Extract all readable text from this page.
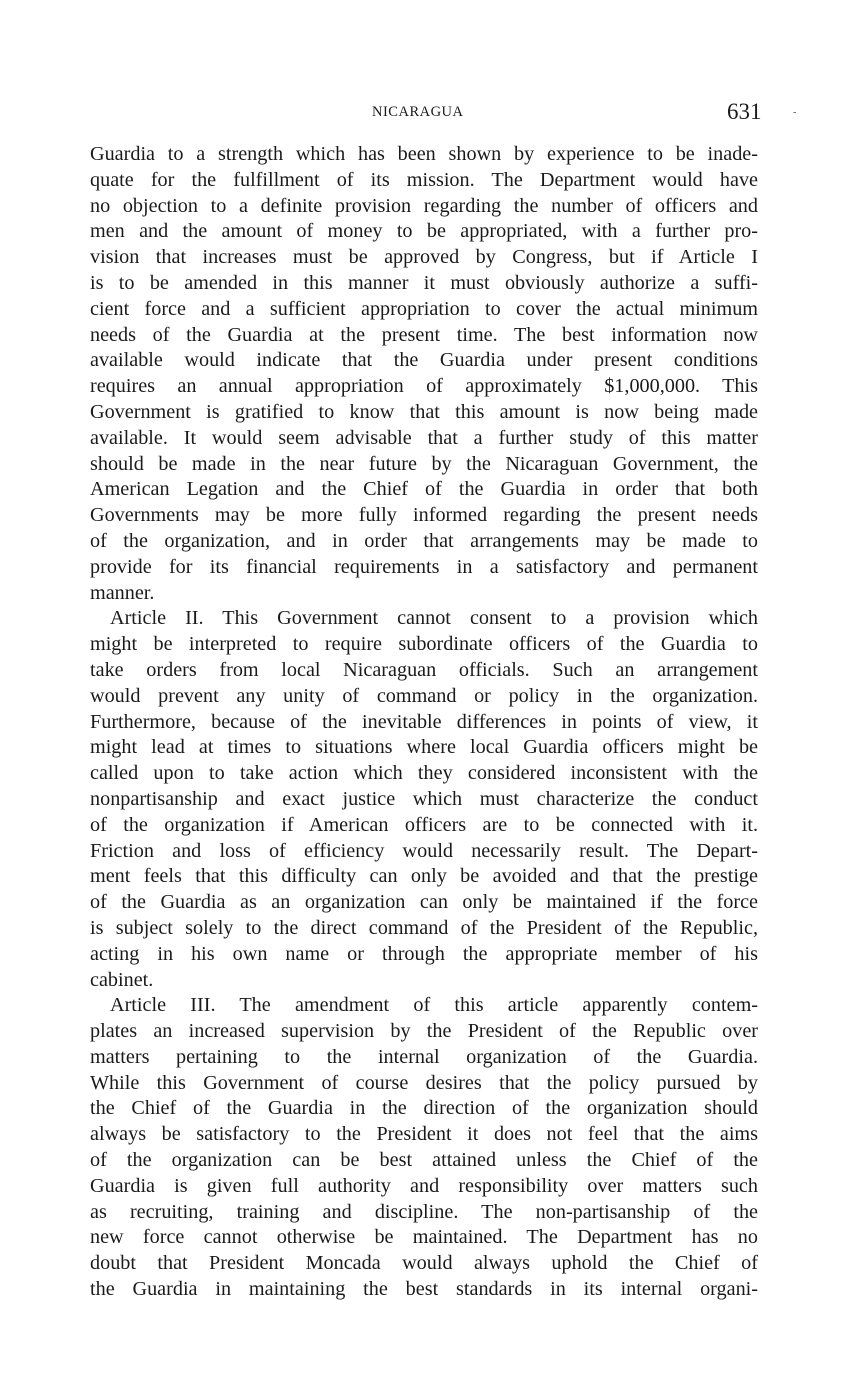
NICARAGUA	631	-
Guardia to a strength which has been shown by experience to be inade-
quate for the fulfillment of its mission. The Department would have
no objection to a definite provision regarding the number of officers and
men and the amount of money to be appropriated, with a further pro-
vision that increases must be approved by Congress, but if Article I
is to be amended in this manner it must obviously authorize a suffi-
cient force and a sufficient appropriation to cover the actual minimum
needs of the Guardia at the present time. The best information now
available would indicate that the Guardia under present conditions
requires an annual appropriation of approximately $1,000,000. This
Government is gratified to know that this amount is now being made
available. It would seem advisable that a further study of this matter
should be made in the near future by the Nicaraguan Government, the
American Legation and the Chief of the Guardia in order that both
Governments may be more fully informed regarding the present needs
of the organization, and in order that arrangements may be made to
provide for its financial requirements in a satisfactory and permanent
manner.
Article II. This Government cannot consent to a provision which
might be interpreted to require subordinate officers of the Guardia to
take orders from local Nicaraguan officials. Such an arrangement
would prevent any unity of command or policy in the organization.
Furthermore, because of the inevitable differences in points of view, it
might lead at times to situations where local Guardia officers might be
called upon to take action which they considered inconsistent with the
nonpartisanship and exact justice which must characterize the conduct
of the organization if American officers are to be connected with it.
Friction and loss of efficiency would necessarily result. The Depart-
ment feels that this difficulty can only be avoided and that the prestige
of the Guardia as an organization can only be maintained if the force
is subject solely to the direct command of the President of the Republic,
acting in his own name or through the appropriate member of his
cabinet.
Article III. The amendment of this article apparently contem-
plates an increased supervision by the President of the Republic over
matters pertaining to the internal organization of the Guardia.
While this Government of course desires that the policy pursued by
the Chief of the Guardia in the direction of the organization should
always be satisfactory to the President it does not feel that the aims
of the organization can be best attained unless the Chief of the
Guardia is given full authority and responsibility over matters such
as recruiting, training and discipline. The non-partisanship of the
new force cannot otherwise be maintained. The Department has no
doubt that President Moncada would always uphold the Chief of
the Guardia in maintaining the best standards in its internal organi-
